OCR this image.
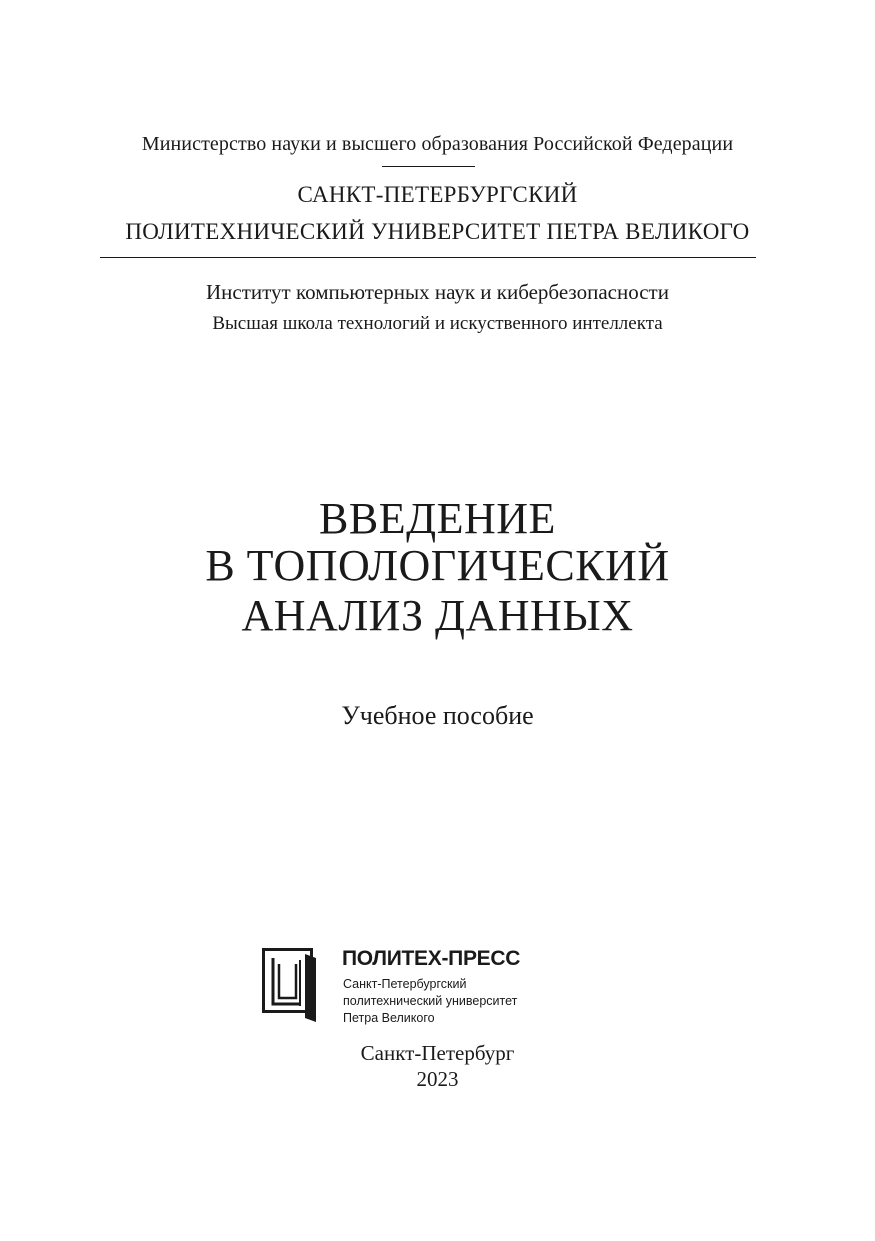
Министерство науки и высшего образования Российской Федерации
САНКТ-ПЕТЕРБУРГСКИЙ
ПОЛИТЕХНИЧЕСКИЙ УНИВЕРСИТЕТ ПЕТРА ВЕЛИКОГО
Институт компьютерных наук и кибербезопасности
Высшая школа технологий и искуственного интеллекта
ВВЕДЕНИЕ
В ТОПОЛОГИЧЕСКИЙ
АНАЛИЗ ДАННЫХ
Учебное пособие
ПОЛИТЕХ-ПРЕСС
Санкт-Петербургский
политехнический университет
Петра Великого
Санкт-Петербург
2023
